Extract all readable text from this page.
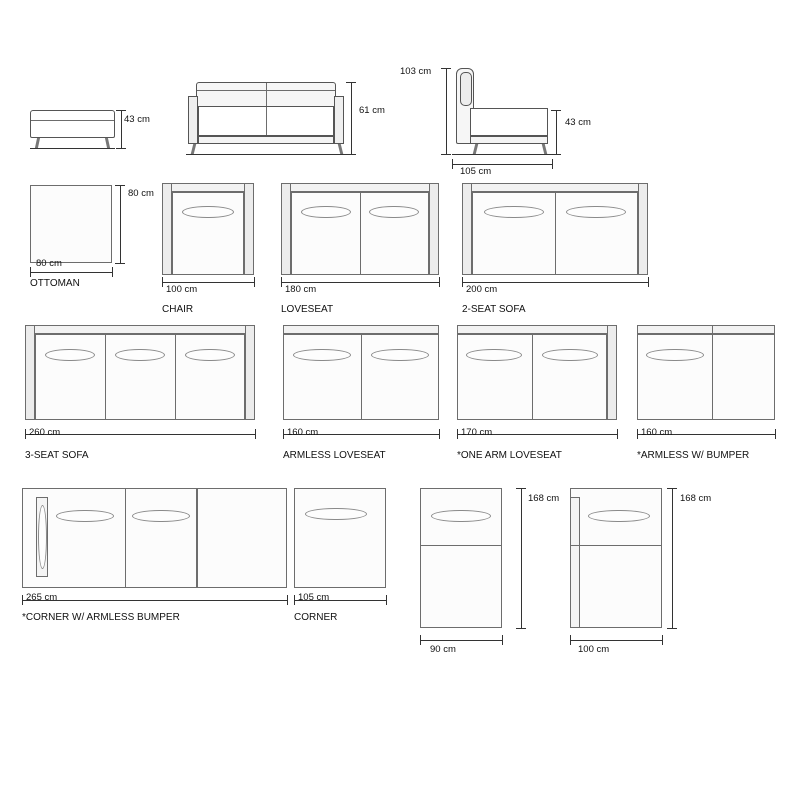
43 cm
61 cm
103 cm
43 cm
105 cm
80 cm
80 cm
OTTOMAN
100 cm
CHAIR
180 cm
LOVESEAT
200 cm
2-SEAT SOFA
260 cm
3-SEAT SOFA
160 cm
ARMLESS LOVESEAT
170 cm
*ONE ARM LOVESEAT
160 cm
*ARMLESS W/ BUMPER
265 cm
*CORNER W/ ARMLESS BUMPER
105 cm
CORNER
168 cm
90 cm
168 cm
100 cm
